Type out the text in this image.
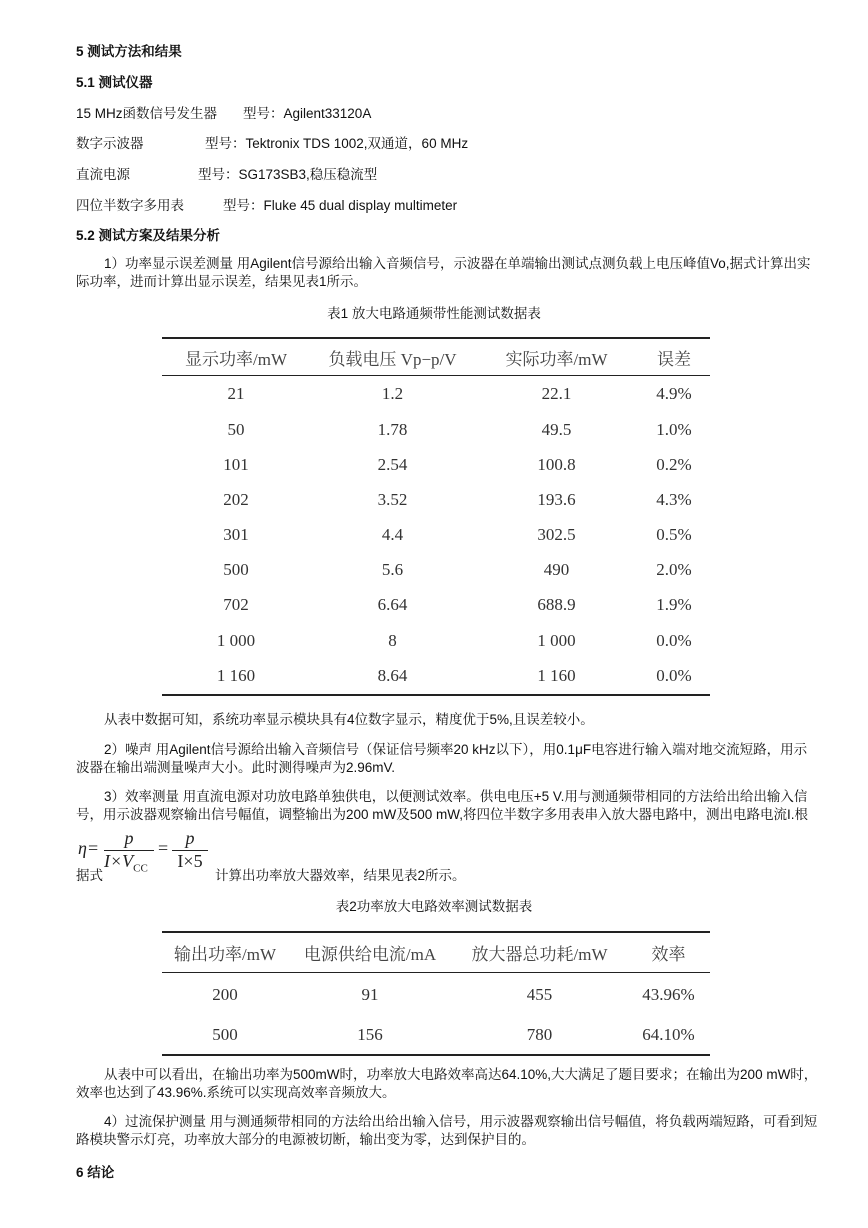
5 测试方法和结果
5.1 测试仪器
15 MHz函数信号发生器 型号：Agilent33120A
数字示波器	型号：Tektronix TDS 1002,双通道，60 MHz
直流电源	型号：SG173SB3,稳压稳流型
四位半数字多用表	型号：Fluke 45 dual display multimeter
5.2 测试方案及结果分析
1）功率显示误差测量 用Agilent信号源给出输入音频信号，示波器在单端输出测试点测负载上电压峰值Vo,据式计算出实际功率，进而计算出显示误差，结果见表1所示。
表1 放大电路通频带性能测试数据表
显示功率/mW	负载电压 Vp−p/V	实际功率/mW	误差
21	1.2	22.1	4.9%
50	1.78	49.5	1.0%
101	2.54	100.8	0.2%
202	3.52	193.6	4.3%
301	4.4	302.5	0.5%
500	5.6	490	2.0%
702	6.64	688.9	1.9%
1 000	8	1 000	0.0%
1 160	8.64	1 160	0.0%
从表中数据可知，系统功率显示模块具有4位数字显示，精度优于5%,且误差较小。
2）噪声 用Agilent信号源给出输入音频信号（保证信号频率20 kHz以下），用0.1μF电容进行输入端对地交流短路，用示波器在输出端测量噪声大小。此时测得噪声为2.96mV.
3）效率测量 用直流电源对功放电路单独供电，以便测试效率。供电电压+5 V.用与测通频带相同的方法给出给出输入信号，用示波器观察输出信号幅值，调整输出为200 mW及500 mW,将四位半数字多用表串入放大器电路中，测出电路电流I.根
据式
η=	p
$I\times V_{CC}$
= p
I×5
计算出功率放大器效率，结果见表2所示。
表2功率放大电路效率测试数据表
输出功率/mW	电源供给电流/mA	放大器总功耗/mW	效率
200	91	455	43.96%
500	156	780	64.10%
从表中可以看出，在输出功率为500mW时，功率放大电路效率高达64.10%,大大满足了题目要求；在输出为200 mW时，效率也达到了43.96%.系统可以实现高效率音频放大。
4）过流保护测量 用与测通频带相同的方法给出给出输入信号，用示波器观察输出信号幅值，将负载两端短路，可看到短路模块警示灯亮，功率放大部分的电源被切断，输出变为零，达到保护目的。
6 结论
